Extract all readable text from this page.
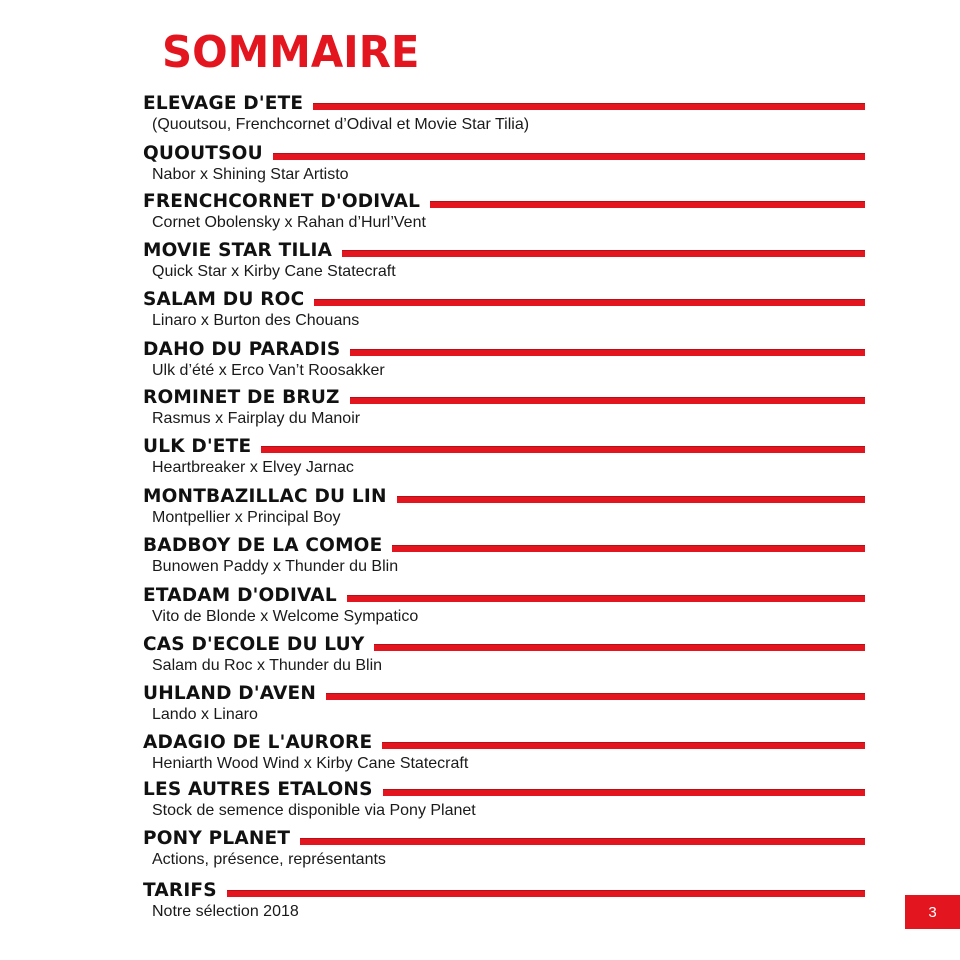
SOMMAIRE
ELEVAGE D'ETE
(Quoutsou, Frenchcornet d’Odival et Movie Star Tilia)
QUOUTSOU
Nabor x Shining Star Artisto
FRENCHCORNET D'ODIVAL
Cornet Obolensky x Rahan d’Hurl’Vent
MOVIE STAR TILIA
Quick Star x Kirby Cane Statecraft
SALAM DU ROC
Linaro x Burton des Chouans
DAHO DU PARADIS
Ulk d’été x Erco Van’t Roosakker
ROMINET DE BRUZ
Rasmus x Fairplay du Manoir
ULK D'ETE
Heartbreaker x Elvey Jarnac
MONTBAZILLAC DU LIN
Montpellier x Principal Boy
BADBOY DE LA COMOE
Bunowen Paddy x Thunder du Blin
ETADAM D'ODIVAL
Vito de Blonde x Welcome Sympatico
CAS D'ECOLE DU LUY
Salam du Roc x Thunder du Blin
UHLAND D'AVEN
Lando x Linaro
ADAGIO DE L'AURORE
Heniarth Wood Wind x Kirby Cane Statecraft
LES AUTRES ETALONS
Stock de semence disponible via Pony Planet
PONY PLANET
Actions, présence, représentants
TARIFS
Notre sélection 2018	3
